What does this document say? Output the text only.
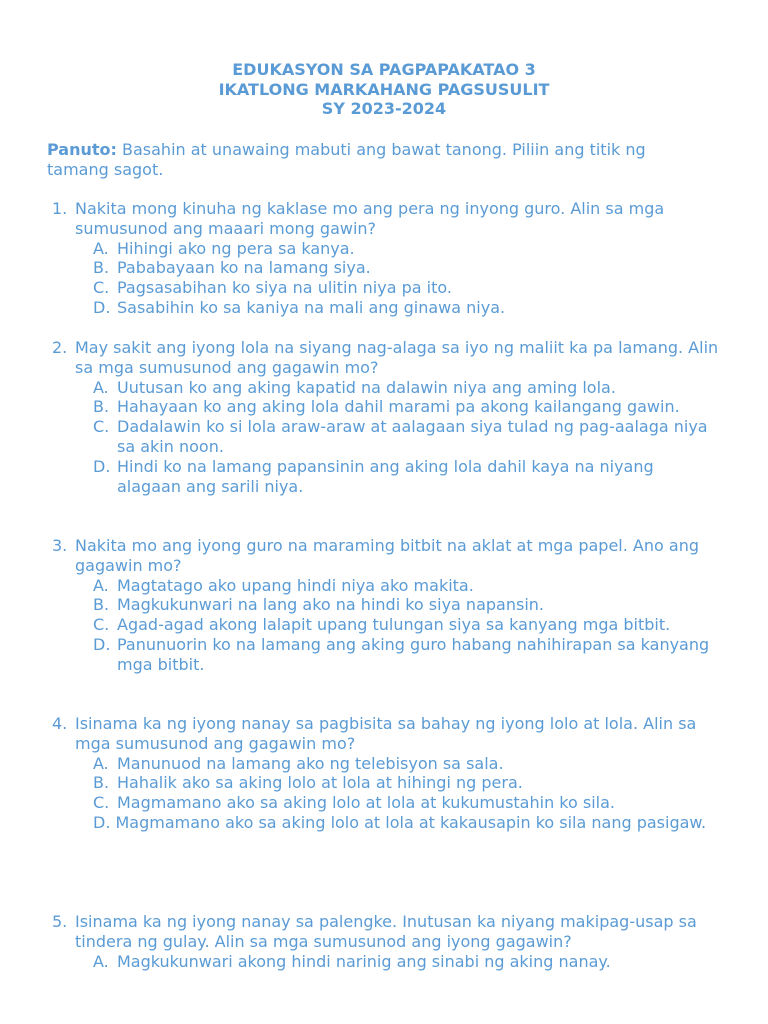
EDUKASYON SA PAGPAPAKATAO 3
IKATLONG MARKAHANG PAGSUSULIT
SY 2023-2024
Panuto: Basahin at unawaing mabuti ang bawat tanong. Piliin ang titik ng tamang sagot.
1. Nakita mong kinuha ng kaklase mo ang pera ng inyong guro. Alin sa mga sumusunod ang maaari mong gawin?
A. Hihingi ako ng pera sa kanya.
B. Pababayaan ko na lamang siya.
C. Pagsasabihan ko siya na ulitin niya pa ito.
D. Sasabihin ko sa kaniya na mali ang ginawa niya.
2. May sakit ang iyong lola na siyang nag-alaga sa iyo ng maliit ka pa lamang. Alin sa mga sumusunod ang gagawin mo?
A. Uutusan ko ang aking kapatid na dalawin niya ang aming lola.
B. Hahayaan ko ang aking lola dahil marami pa akong kailangang gawin.
C. Dadalawin ko si lola araw-araw at aalagaan siya tulad ng pag-aalaga niya sa akin noon.
D. Hindi ko na lamang papansinin ang aking lola dahil kaya na niyang alagaan ang sarili niya.
3. Nakita mo ang iyong guro na maraming bitbit na aklat at mga papel. Ano ang gagawin mo?
A. Magtatago ako upang hindi niya ako makita.
B. Magkukunwari na lang ako na hindi ko siya napansin.
C. Agad-agad akong lalapit upang tulungan siya sa kanyang mga bitbit.
D. Panunuorin ko na lamang ang aking guro habang nahihirapan sa kanyang mga bitbit.
4. Isinama ka ng iyong nanay sa pagbisita sa bahay ng iyong lolo at lola. Alin sa mga sumusunod ang gagawin mo?
A. Manunuod na lamang ako ng telebisyon sa sala.
B. Hahalik ako sa aking lolo at lola at hihingi ng pera.
C. Magmamano ako sa aking lolo at lola at kukumustahin ko sila.
D. Magmamano ako sa aking lolo at lola at kakausapin ko sila nang pasigaw.
5. Isinama ka ng iyong nanay sa palengke. Inutusan ka niyang makipag-usap sa tindera ng gulay. Alin sa mga sumusunod ang iyong gagawin?
A. Magkukunwari akong hindi narinig ang sinabi ng aking nanay.
